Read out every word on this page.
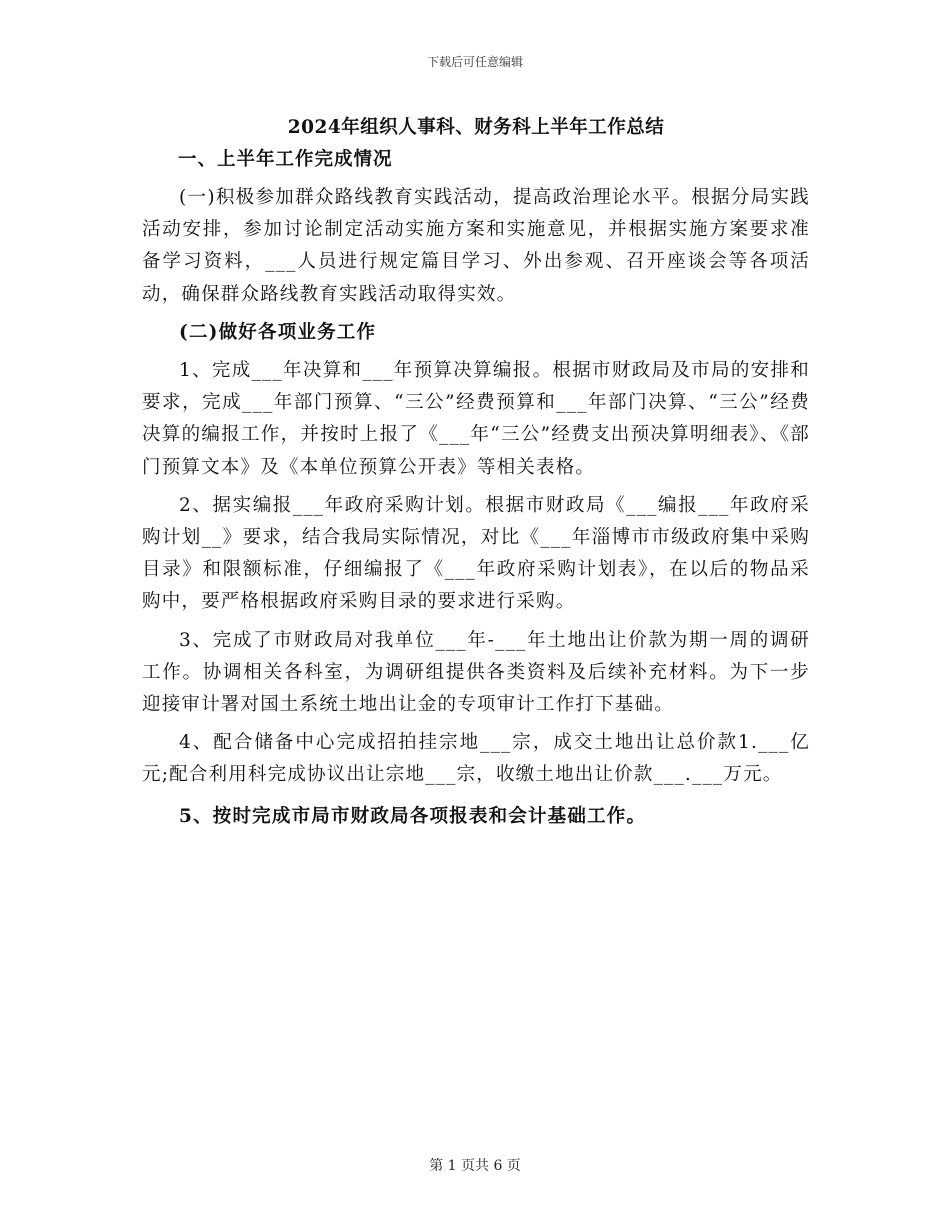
下载后可任意编辑
2024年组织人事科、财务科上半年工作总结
一、上半年工作完成情况

(一)积极参加群众路线教育实践活动，提高政治理论水平。根据分局实践活动安排，参加讨论制定活动实施方案和实施意见，并根据实施方案要求准备学习资料，___人员进行规定篇目学习、外出参观、召开座谈会等各项活动，确保群众路线教育实践活动取得实效。

(二)做好各项业务工作

1、完成___年决算和___年预算决算编报。根据市财政局及市局的安排和要求，完成___年部门预算、“三公”经费预算和___年部门决算、“三公”经费决算的编报工作，并按时上报了《___年“三公”经费支出预决算明细表》、《部门预算文本》及《本单位预算公开表》等相关表格。

2、据实编报___年政府采购计划。根据市财政局《___编报___年政府采购计划__》要求，结合我局实际情况，对比《___年淄博市市级政府集中采购目录》和限额标准，仔细编报了《___年政府采购计划表》，在以后的物品采购中，要严格根据政府采购目录的要求进行采购。

3、完成了市财政局对我单位___年-___年土地出让价款为期一周的调研工作。协调相关各科室，为调研组提供各类资料及后续补充材料。为下一步迎接审计署对国土系统土地出让金的专项审计工作打下基础。

4、配合储备中心完成招拍挂宗地___宗，成交土地出让总价款1.___亿元;配合利用科完成协议出让宗地___宗，收缴土地出让价款___.___万元。

5、按时完成市局市财政局各项报表和会计基础工作。

第 1 页共 6 页
